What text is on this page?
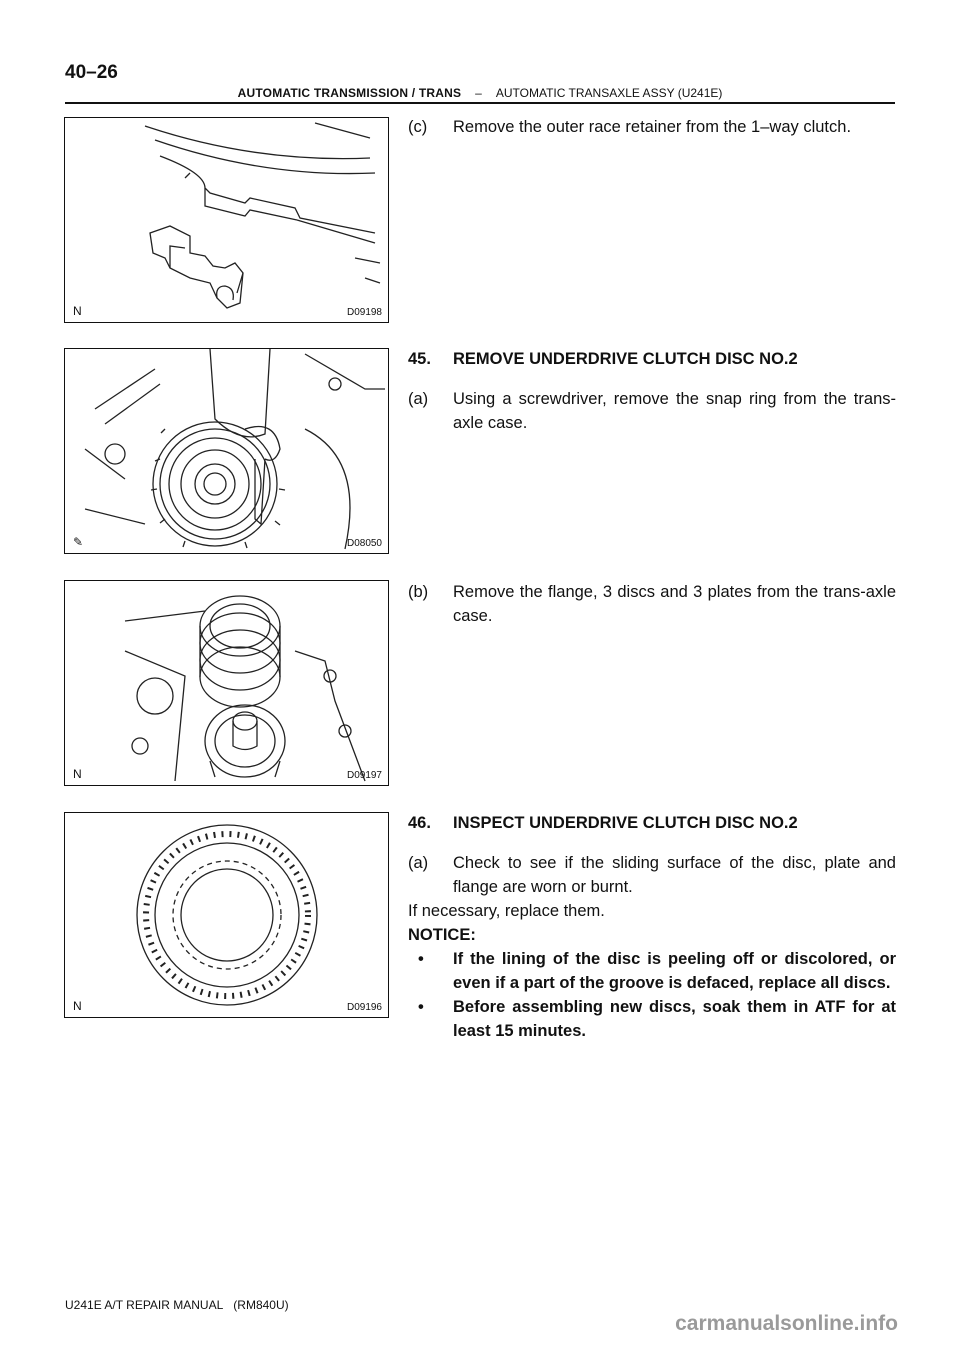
40–26
AUTOMATIC TRANSMISSION / TRANS – AUTOMATIC TRANSAXLE ASSY (U241E)
N	D09198
✎	D08050
N	D09197
N	D09196
(c)	Remove the outer race retainer from the 1–way clutch.
45. REMOVE UNDERDRIVE CLUTCH DISC NO.2
(a)	Using a screwdriver, remove the snap ring from the trans-axle case.
(b)	Remove the flange, 3 discs and 3 plates from the trans-axle case.
46. INSPECT UNDERDRIVE CLUTCH DISC NO.2
(a)	Check to see if the sliding surface of the disc, plate and flange are worn or burnt.
If necessary, replace them.
NOTICE:
•	If the lining of the disc is peeling off or discolored, or even if a part of the groove is defaced, replace all discs.
•	Before assembling new discs, soak them in ATF for at least 15 minutes.
U241E A/T REPAIR MANUAL (RM840U)
carmanualsonline.info
